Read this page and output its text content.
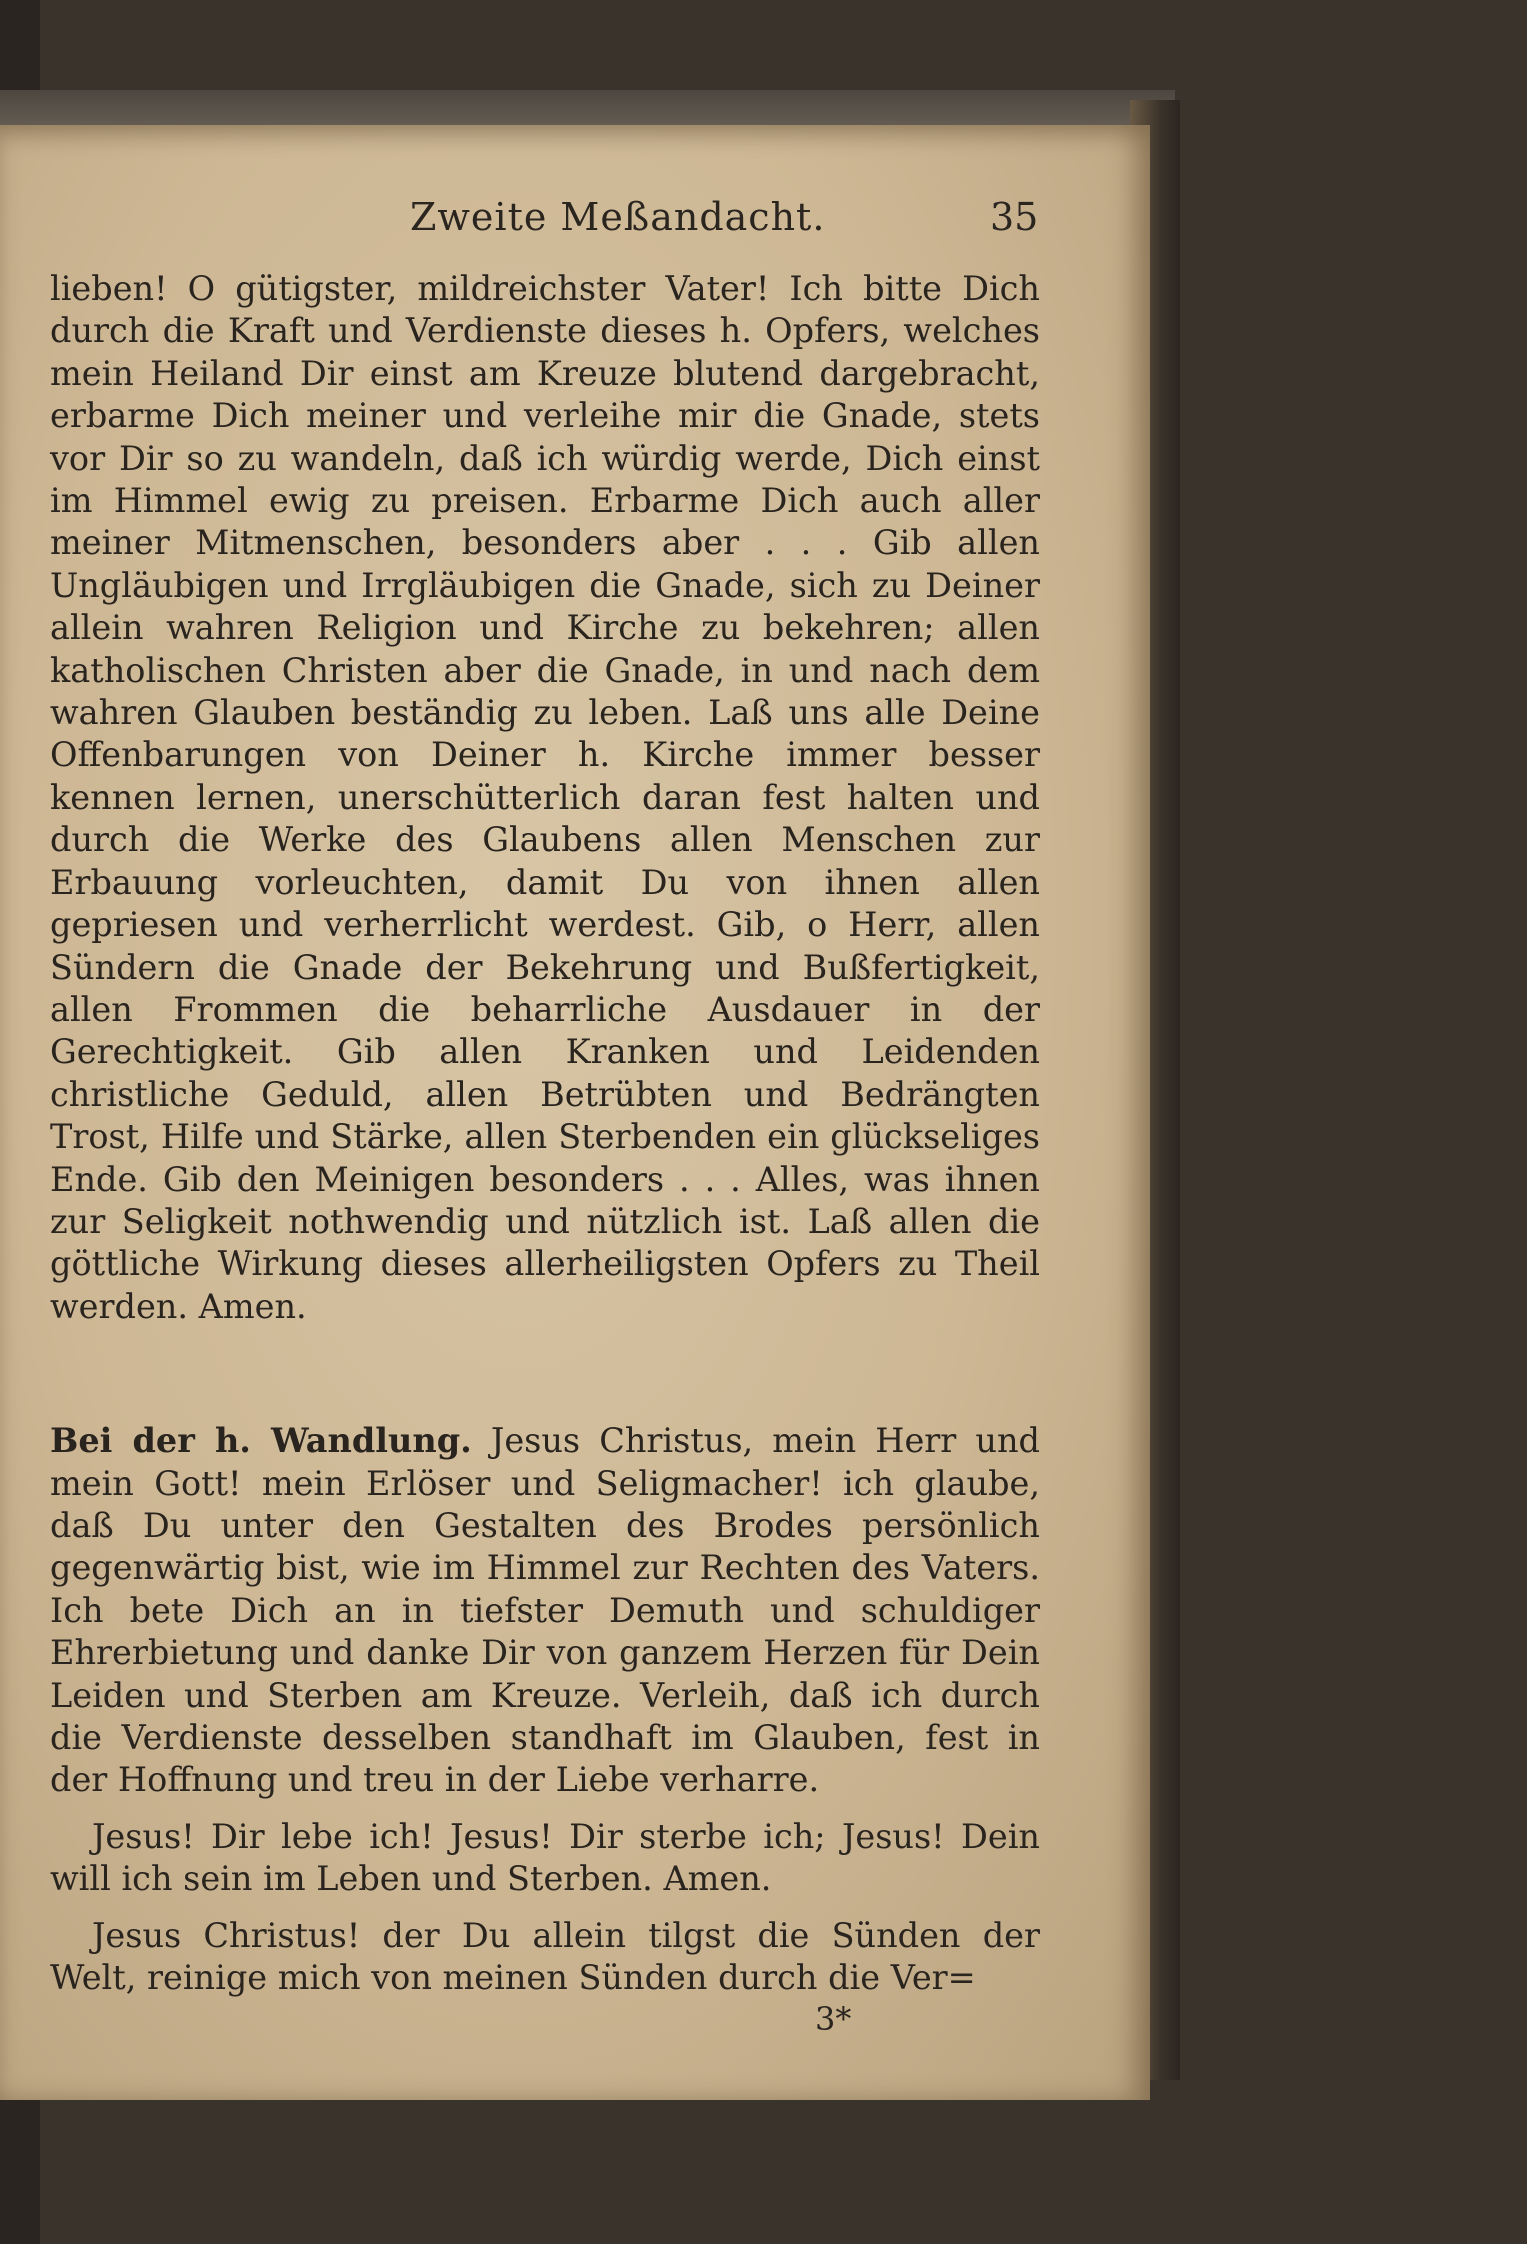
Zweite Meßandacht.	35

lieben! O gütigster, mildreichster Vater! Ich bitte Dich durch die Kraft und Verdienste dieses h. Opfers, welches mein Heiland Dir einst am Kreuze blutend dargebracht, erbarme Dich meiner und verleihe mir die Gnade, stets vor Dir so zu wandeln, daß ich würdig werde, Dich einst im Himmel ewig zu preisen. Erbarme Dich auch aller meiner Mitmenschen, besonders aber . . . Gib allen Ungläubigen und Irrgläubigen die Gnade, sich zu Deiner allein wahren Religion und Kirche zu bekehren; allen katholischen Christen aber die Gnade, in und nach dem wahren Glauben beständig zu leben. Laß uns alle Deine Offenbarungen von Deiner h. Kirche immer besser kennen lernen, unerschütterlich daran fest halten und durch die Werke des Glaubens allen Menschen zur Erbauung vorleuchten, damit Du von ihnen allen gepriesen und verherrlicht werdest. Gib, o Herr, allen Sündern die Gnade der Bekehrung und Bußfertigkeit, allen Frommen die beharrliche Ausdauer in der Gerechtigkeit. Gib allen Kranken und Leidenden christliche Geduld, allen Betrübten und Bedrängten Trost, Hilfe und Stärke, allen Sterbenden ein glückseliges Ende. Gib den Meinigen besonders . . . Alles, was ihnen zur Seligkeit nothwendig und nützlich ist. Laß allen die göttliche Wirkung dieses allerheiligsten Opfers zu Theil werden. Amen.

Bei der h. Wandlung. Jesus Christus, mein Herr und mein Gott! mein Erlöser und Seligmacher! ich glaube, daß Du unter den Gestalten des Brodes persönlich gegenwärtig bist, wie im Himmel zur Rechten des Vaters. Ich bete Dich an in tiefster Demuth und schuldiger Ehrerbietung und danke Dir von ganzem Herzen für Dein Leiden und Sterben am Kreuze. Verleih, daß ich durch die Verdienste desselben standhaft im Glauben, fest in der Hoffnung und treu in der Liebe verharre.

Jesus! Dir lebe ich! Jesus! Dir sterbe ich; Jesus! Dein will ich sein im Leben und Sterben. Amen.

Jesus Christus! der Du allein tilgst die Sünden der Welt, reinige mich von meinen Sünden durch die Ver=

3*
